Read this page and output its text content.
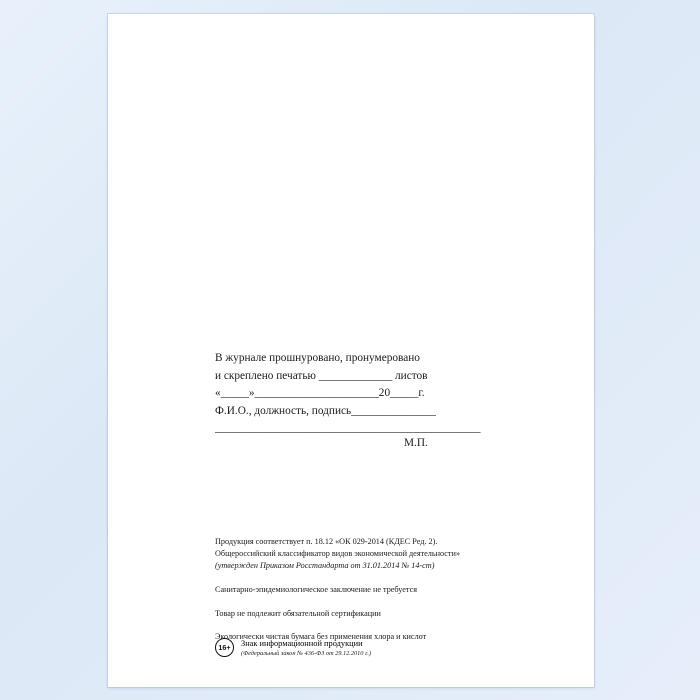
В журнале прошнуровано, пронумеровано
и скреплено печатью _____________ листов
«_____»______________________20_____г.
Ф.И.О., должность, подпись_______________
_______________________________________________
М.П.
Продукция соответствует п. 18.12 «ОК 029-2014 (КДЕС Ред. 2).
Общероссийский классификатор видов экономической деятельности»
(утвержден Приказом Росстандарта от 31.01.2014 № 14-ст)
Санитарно-эпидемиологическое заключение не требуется
Товар не подлежит обязательной сертификации
Экологически чистая бумага без применения хлора и кислот
16+	Знак информационной продукции
(Федеральный закон № 436-ФЗ от 29.12.2010 г.)
